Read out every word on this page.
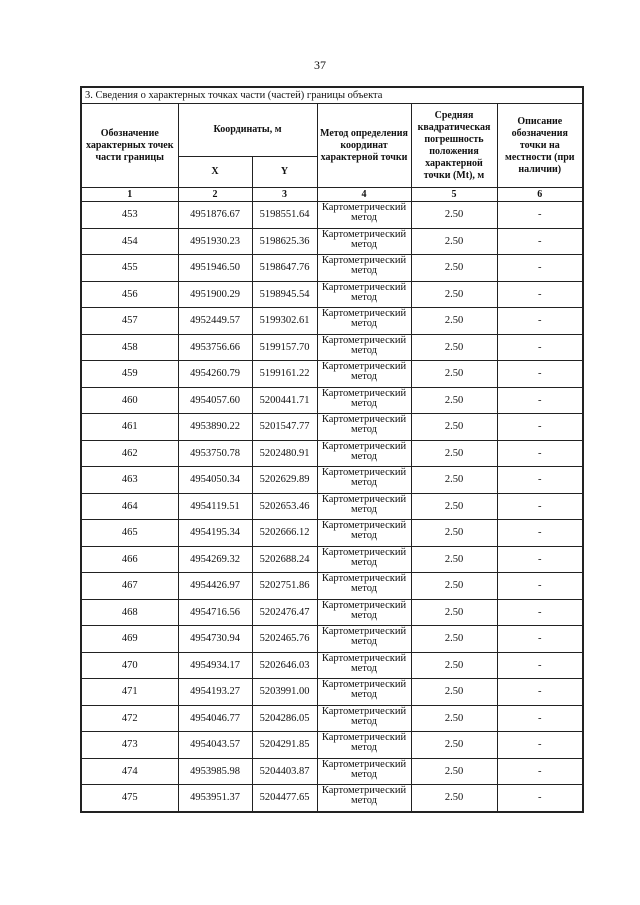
37
3. Сведения о характерных точках части (частей) границы объекта					
Обозначение характерных точек части границы	Координаты, м		Метод определения координат характерной точки	Средняя квадратическая погрешность положения характерной точки (Mt), м	Описание обозначения точки на местности (при наличии)
	X	Y			
1	2	3	4	5	6
453	4951876.67	5198551.64	Картометрический метод	2.50	-
454	4951930.23	5198625.36	Картометрический метод	2.50	-
455	4951946.50	5198647.76	Картометрический метод	2.50	-
456	4951900.29	5198945.54	Картометрический метод	2.50	-
457	4952449.57	5199302.61	Картометрический метод	2.50	-
458	4953756.66	5199157.70	Картометрический метод	2.50	-
459	4954260.79	5199161.22	Картометрический метод	2.50	-
460	4954057.60	5200441.71	Картометрический метод	2.50	-
461	4953890.22	5201547.77	Картометрический метод	2.50	-
462	4953750.78	5202480.91	Картометрический метод	2.50	-
463	4954050.34	5202629.89	Картометрический метод	2.50	-
464	4954119.51	5202653.46	Картометрический метод	2.50	-
465	4954195.34	5202666.12	Картометрический метод	2.50	-
466	4954269.32	5202688.24	Картометрический метод	2.50	-
467	4954426.97	5202751.86	Картометрический метод	2.50	-
468	4954716.56	5202476.47	Картометрический метод	2.50	-
469	4954730.94	5202465.76	Картометрический метод	2.50	-
470	4954934.17	5202646.03	Картометрический метод	2.50	-
471	4954193.27	5203991.00	Картометрический метод	2.50	-
472	4954046.77	5204286.05	Картометрический метод	2.50	-
473	4954043.57	5204291.85	Картометрический метод	2.50	-
474	4953985.98	5204403.87	Картометрический метод	2.50	-
475	4953951.37	5204477.65	Картометрический метод	2.50	-
